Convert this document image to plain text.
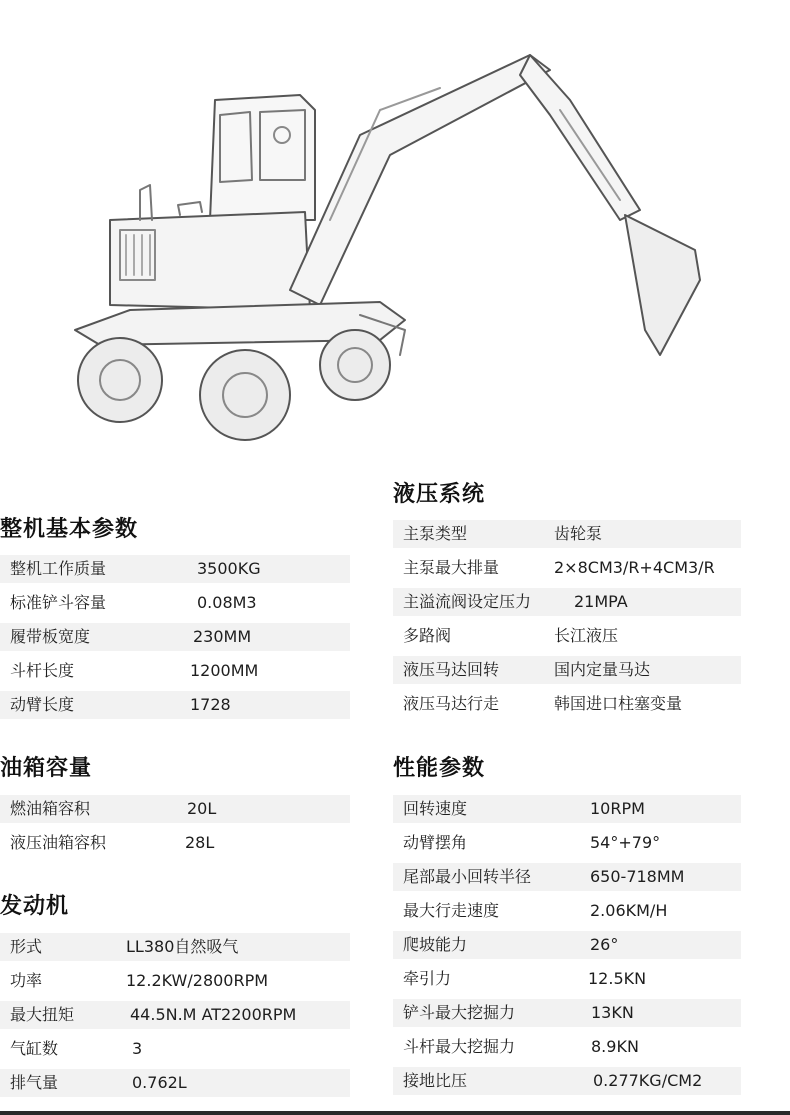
整机基本参数
整机工作质量	3500KG
标准铲斗容量	0.08M3
履带板宽度	230MM
斗杆长度	1200MM
动臂长度	1728
油箱容量
燃油箱容积	20L
液压油箱容积	28L
发动机
形式	LL380自然吸气
功率	12.2KW/2800RPM
最大扭矩	44.5N.M AT2200RPM
气缸数	3
排气量	0.762L
液压系统
主泵类型	齿轮泵
主泵最大排量	2×8CM3/R+4CM3/R
主溢流阀设定压力	21MPA
多路阀	长江液压
液压马达回转	国内定量马达
液压马达行走	韩国进口柱塞变量
性能参数
回转速度	10RPM
动臂摆角	54°+79°
尾部最小回转半径	650-718MM
最大行走速度	2.06KM/H
爬坡能力	26°
牵引力	12.5KN
铲斗最大挖掘力	13KN
斗杆最大挖掘力	8.9KN
接地比压	0.277KG/CM2
